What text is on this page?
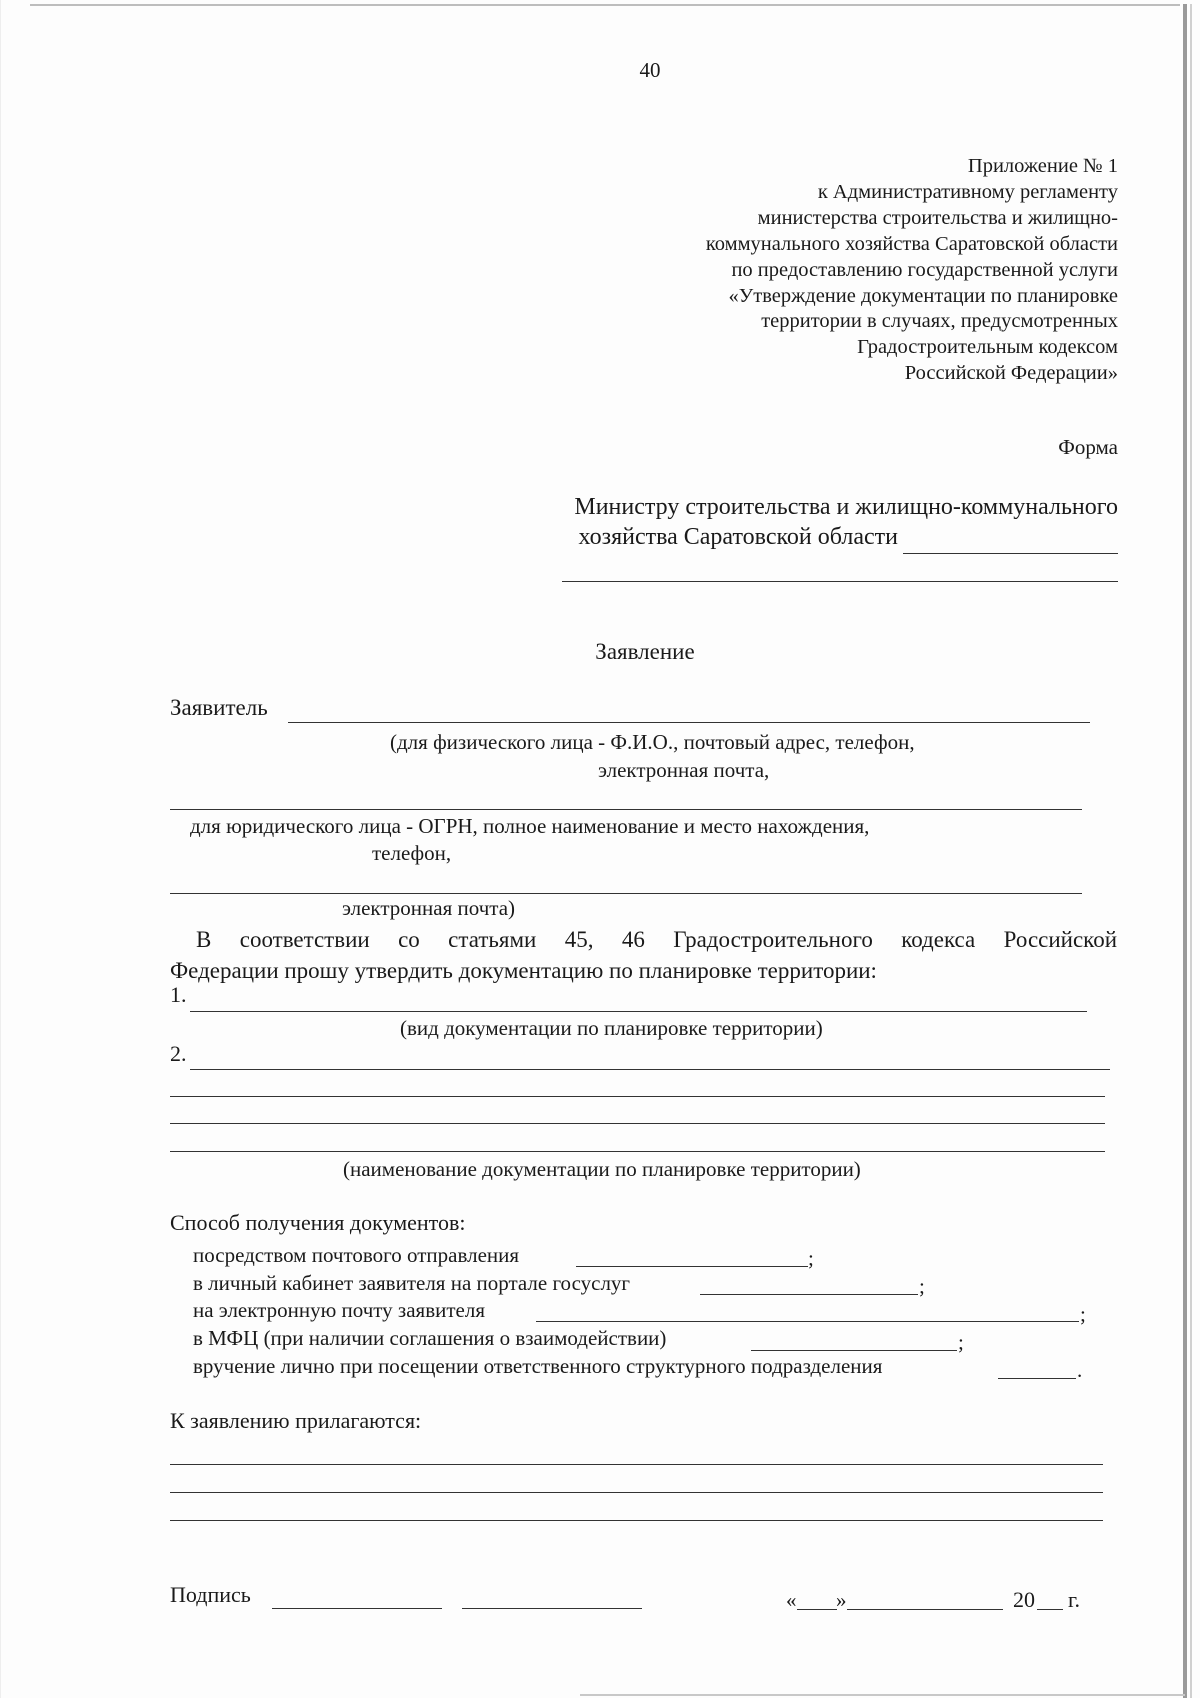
40
Приложение № 1
к Административному регламенту
министерства строительства и жилищно-
коммунального хозяйства Саратовской области
по предоставлению государственной услуги
«Утверждение документации по планировке
территории в случаях, предусмотренных
Градостроительным кодексом
Российской Федерации»
Форма
Министру строительства и жилищно-коммунального
хозяйства Саратовской области
Заявление
Заявитель
(для физического лица - Ф.И.О., почтовый адрес, телефон,
электронная почта,
для юридического лица - ОГРН, полное наименование и место нахождения,
телефон,
электронная почта)
В соответствии со статьями 45, 46 Градостроительного кодекса Российской
Федерации прошу утвердить документацию по планировке территории:
1.
(вид документации по планировке территории)
2.
(наименование документации по планировке территории)
Способ получения документов:
посредством почтового отправления	;
в личный кабинет заявителя на портале госуслуг	;
на электронную почту заявителя	;
в МФЦ (при наличии соглашения о взаимодействии)	;
вручение лично при посещении ответственного структурного подразделения	.
К заявлению прилагаются:
Подпись	« »	20 г.
